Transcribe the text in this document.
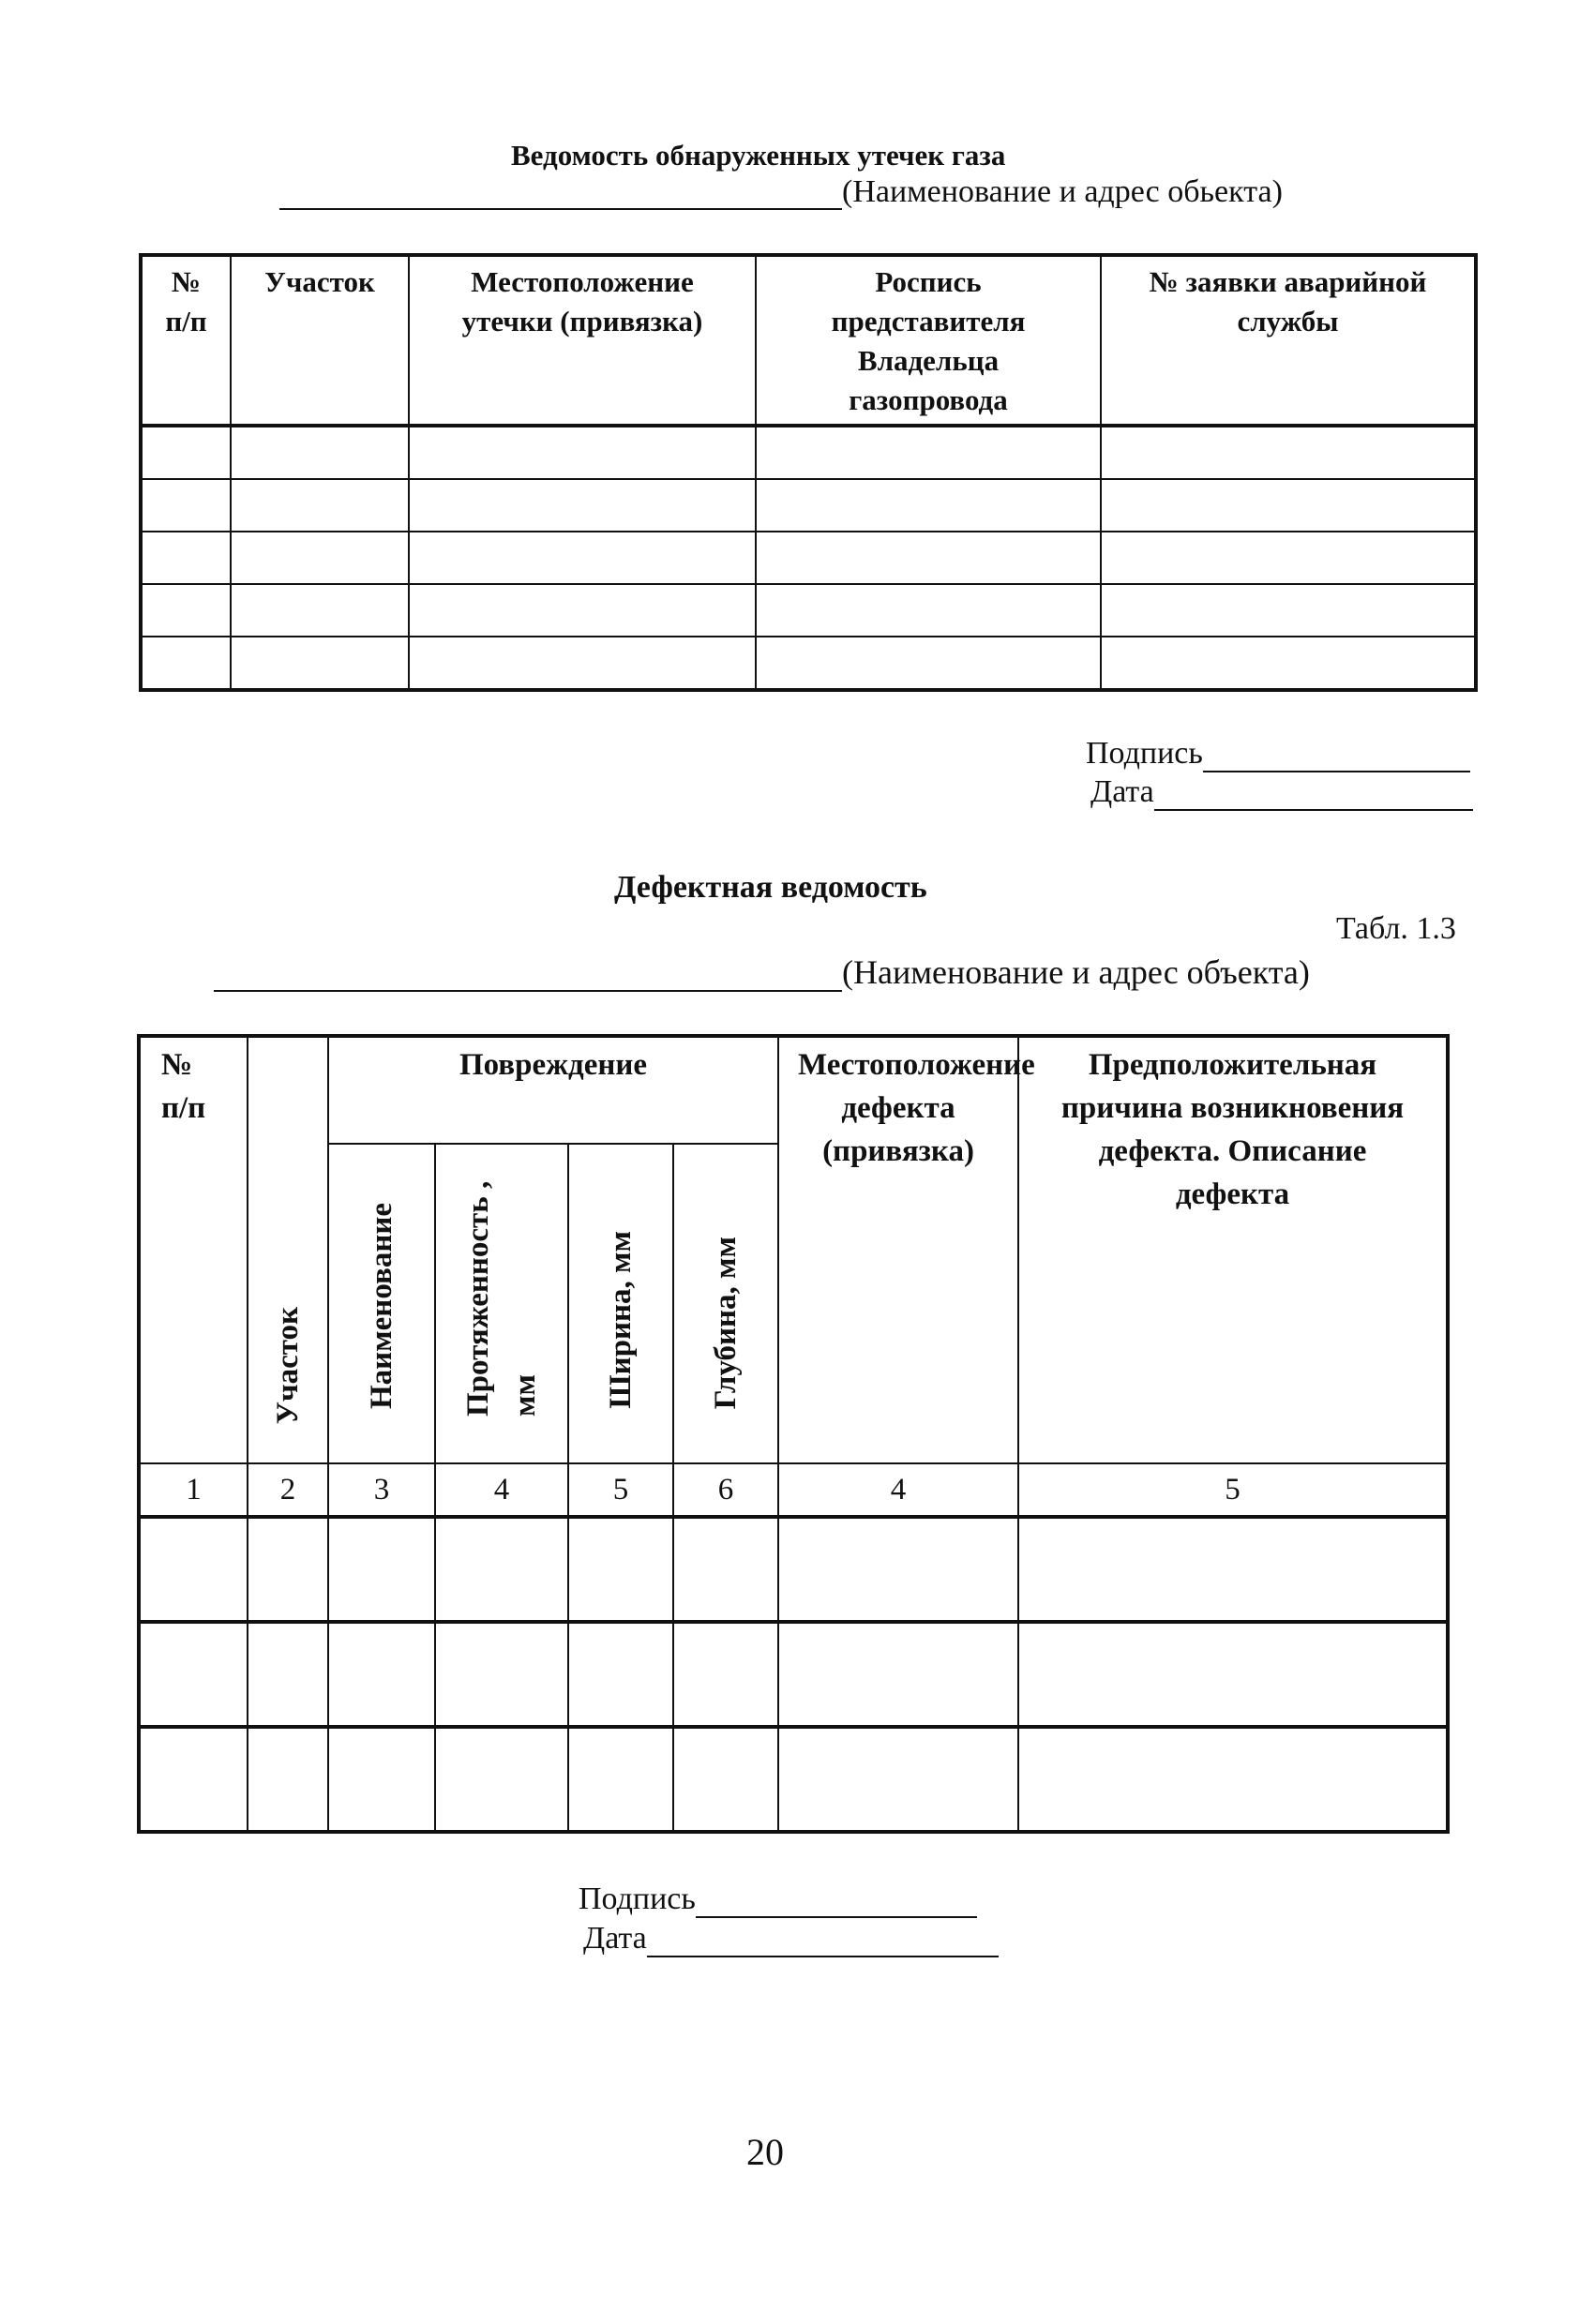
Ведомость обнаруженных утечек газа
(Наименование и адрес обьекта)
№ п/п	Участок	Местоположение утечки (привязка)	Роспись представителя Владельца газопровода	№ заявки аварийной службы

Подпись
Дата
Дефектная ведомость
Табл. 1.3
(Наименование и адрес объекта)
№ п/п	Участок	Повреждение				Местоположение дефекта (привязка)	Предположительная причина возникновения дефекта. Описание дефекта
		Наименование	Протяженность , мм	Ширина, мм	Глубина, мм		
1	2	3	4	5	6	4	5

Подпись
Дата
20
